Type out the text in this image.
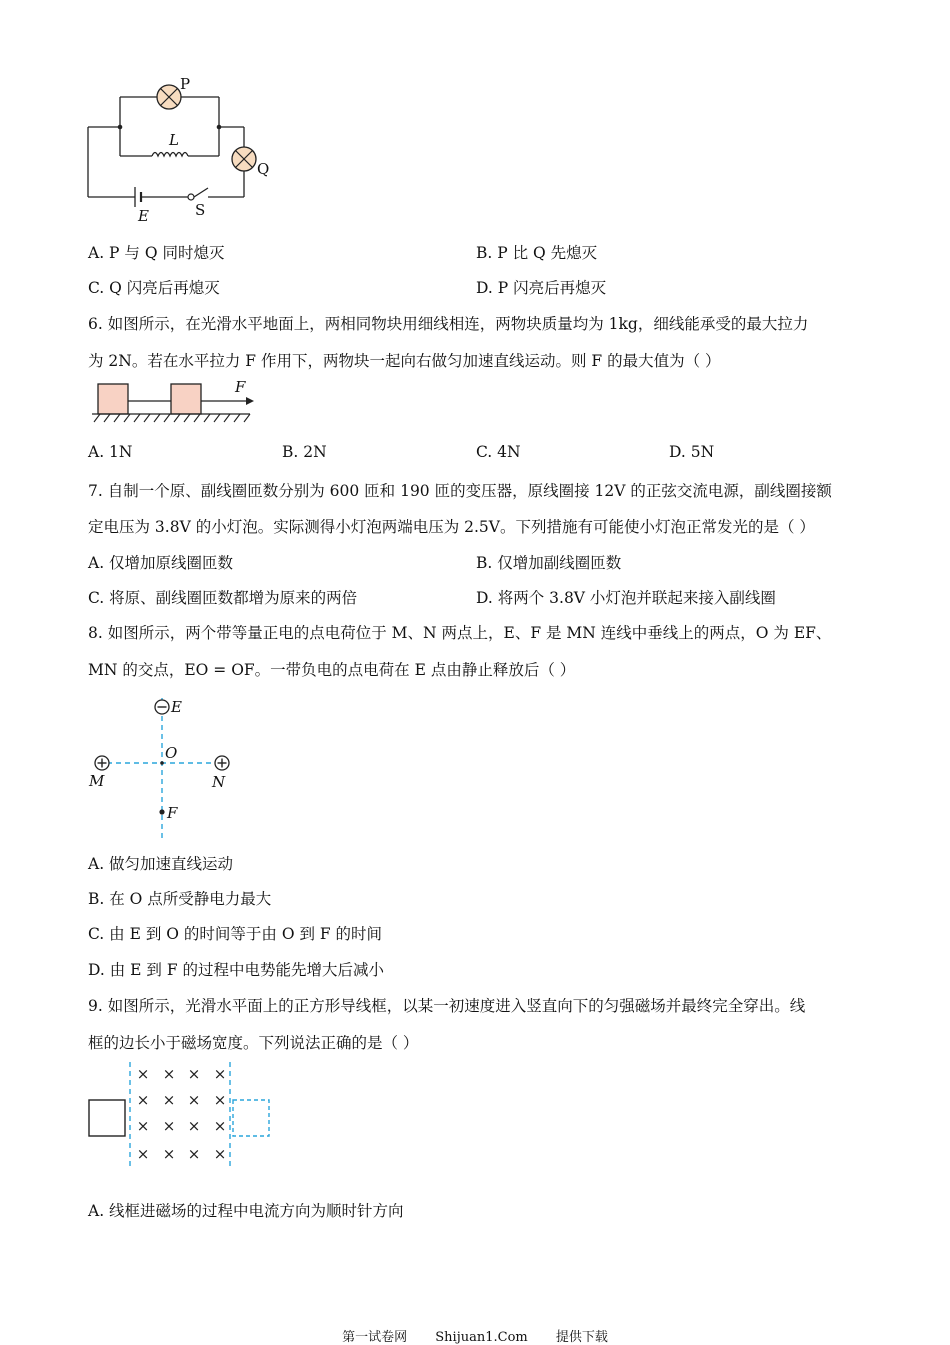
P
Q
L
E	S
A. P 与 Q 同时熄灭	B. P 比 Q 先熄灭
C. Q 闪亮后再熄灭	D. P 闪亮后再熄灭
6. 如图所示，在光滑水平地面上，两相同物块用细线相连，两物块质量均为 1kg，细线能承受的最大拉力
为 2N。若在水平拉力 F 作用下，两物块一起向右做匀加速直线运动。则 F 的最大值为（ ）
F
A. 1N	B. 2N	C. 4N	D. 5N
7. 自制一个原、副线圈匝数分别为 600 匝和 190 匝的变压器，原线圈接 12V 的正弦交流电源，副线圈接额
定电压为 3.8V 的小灯泡。实际测得小灯泡两端电压为 2.5V。下列措施有可能使小灯泡正常发光的是（ ）
A. 仅增加原线圈匝数	B. 仅增加副线圈匝数
C. 将原、副线圈匝数都增为原来的两倍	D. 将两个 3.8V 小灯泡并联起来接入副线圈
8. 如图所示，两个带等量正电的点电荷位于 M、N 两点上，E、F 是 MN 连线中垂线上的两点，O 为 EF、
MN 的交点，EO = OF。一带负电的点电荷在 E 点由静止释放后（ ）
E
O
M	N
F
A. 做匀加速直线运动
B. 在 O 点所受静电力最大
C. 由 E 到 O 的时间等于由 O 到 F 的时间
D. 由 E 到 F 的过程中电势能先增大后减小
9. 如图所示，光滑水平面上的正方形导线框，以某一初速度进入竖直向下的匀强磁场并最终完全穿出。线
框的边长小于磁场宽度。下列说法正确的是（ ）
× × × ×
× × × ×
× × × ×
× × × ×
A. 线框进磁场的过程中电流方向为顺时针方向
第一试卷网 Shijuan1.Com 提供下载
